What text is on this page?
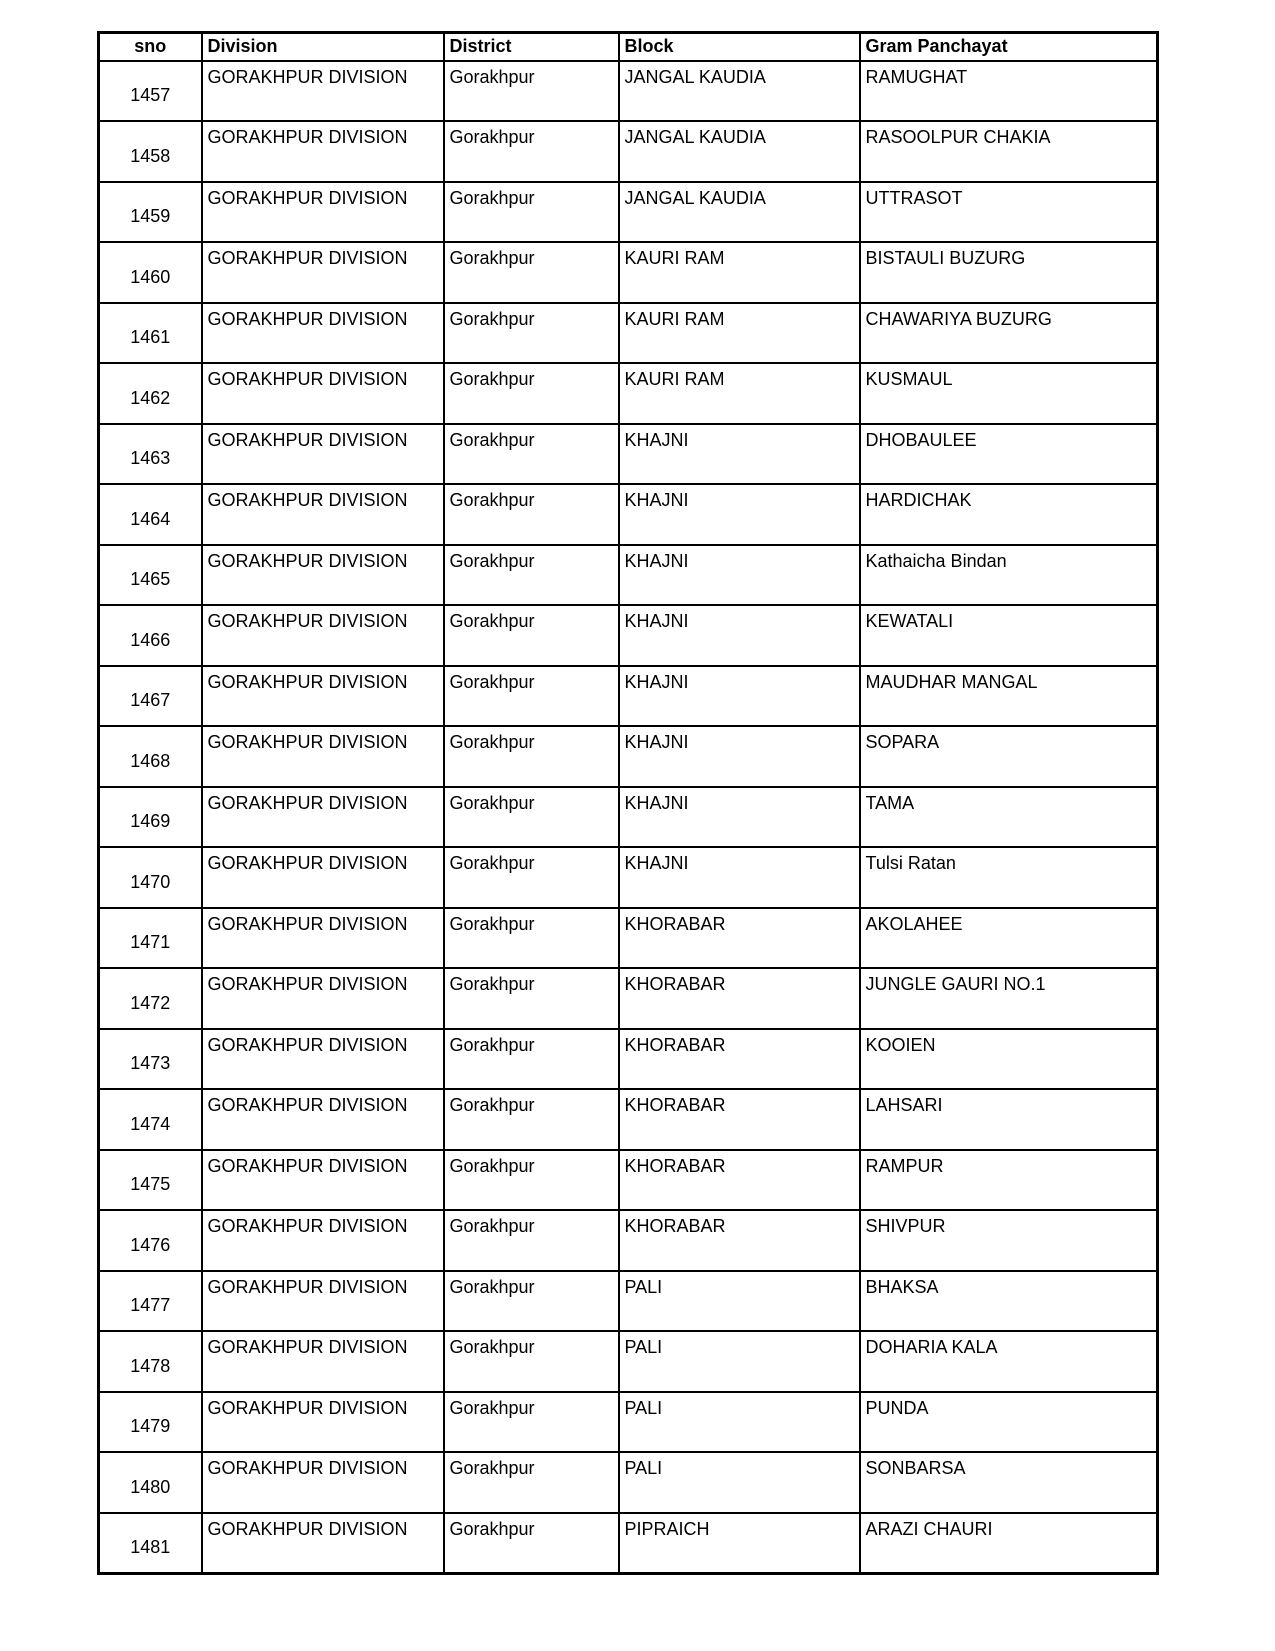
sno	Division	District	Block	Gram Panchayat
1457	GORAKHPUR DIVISION	Gorakhpur	JANGAL KAUDIA	RAMUGHAT
1458	GORAKHPUR DIVISION	Gorakhpur	JANGAL KAUDIA	RASOOLPUR CHAKIA
1459	GORAKHPUR DIVISION	Gorakhpur	JANGAL KAUDIA	UTTRASOT
1460	GORAKHPUR DIVISION	Gorakhpur	KAURI RAM	BISTAULI BUZURG
1461	GORAKHPUR DIVISION	Gorakhpur	KAURI RAM	CHAWARIYA BUZURG
1462	GORAKHPUR DIVISION	Gorakhpur	KAURI RAM	KUSMAUL
1463	GORAKHPUR DIVISION	Gorakhpur	KHAJNI	DHOBAULEE
1464	GORAKHPUR DIVISION	Gorakhpur	KHAJNI	HARDICHAK
1465	GORAKHPUR DIVISION	Gorakhpur	KHAJNI	Kathaicha Bindan
1466	GORAKHPUR DIVISION	Gorakhpur	KHAJNI	KEWATALI
1467	GORAKHPUR DIVISION	Gorakhpur	KHAJNI	MAUDHAR MANGAL
1468	GORAKHPUR DIVISION	Gorakhpur	KHAJNI	SOPARA
1469	GORAKHPUR DIVISION	Gorakhpur	KHAJNI	TAMA
1470	GORAKHPUR DIVISION	Gorakhpur	KHAJNI	Tulsi Ratan
1471	GORAKHPUR DIVISION	Gorakhpur	KHORABAR	AKOLAHEE
1472	GORAKHPUR DIVISION	Gorakhpur	KHORABAR	JUNGLE GAURI NO.1
1473	GORAKHPUR DIVISION	Gorakhpur	KHORABAR	KOOIEN
1474	GORAKHPUR DIVISION	Gorakhpur	KHORABAR	LAHSARI
1475	GORAKHPUR DIVISION	Gorakhpur	KHORABAR	RAMPUR
1476	GORAKHPUR DIVISION	Gorakhpur	KHORABAR	SHIVPUR
1477	GORAKHPUR DIVISION	Gorakhpur	PALI	BHAKSA
1478	GORAKHPUR DIVISION	Gorakhpur	PALI	DOHARIA KALA
1479	GORAKHPUR DIVISION	Gorakhpur	PALI	PUNDA
1480	GORAKHPUR DIVISION	Gorakhpur	PALI	SONBARSA
1481	GORAKHPUR DIVISION	Gorakhpur	PIPRAICH	ARAZI CHAURI
